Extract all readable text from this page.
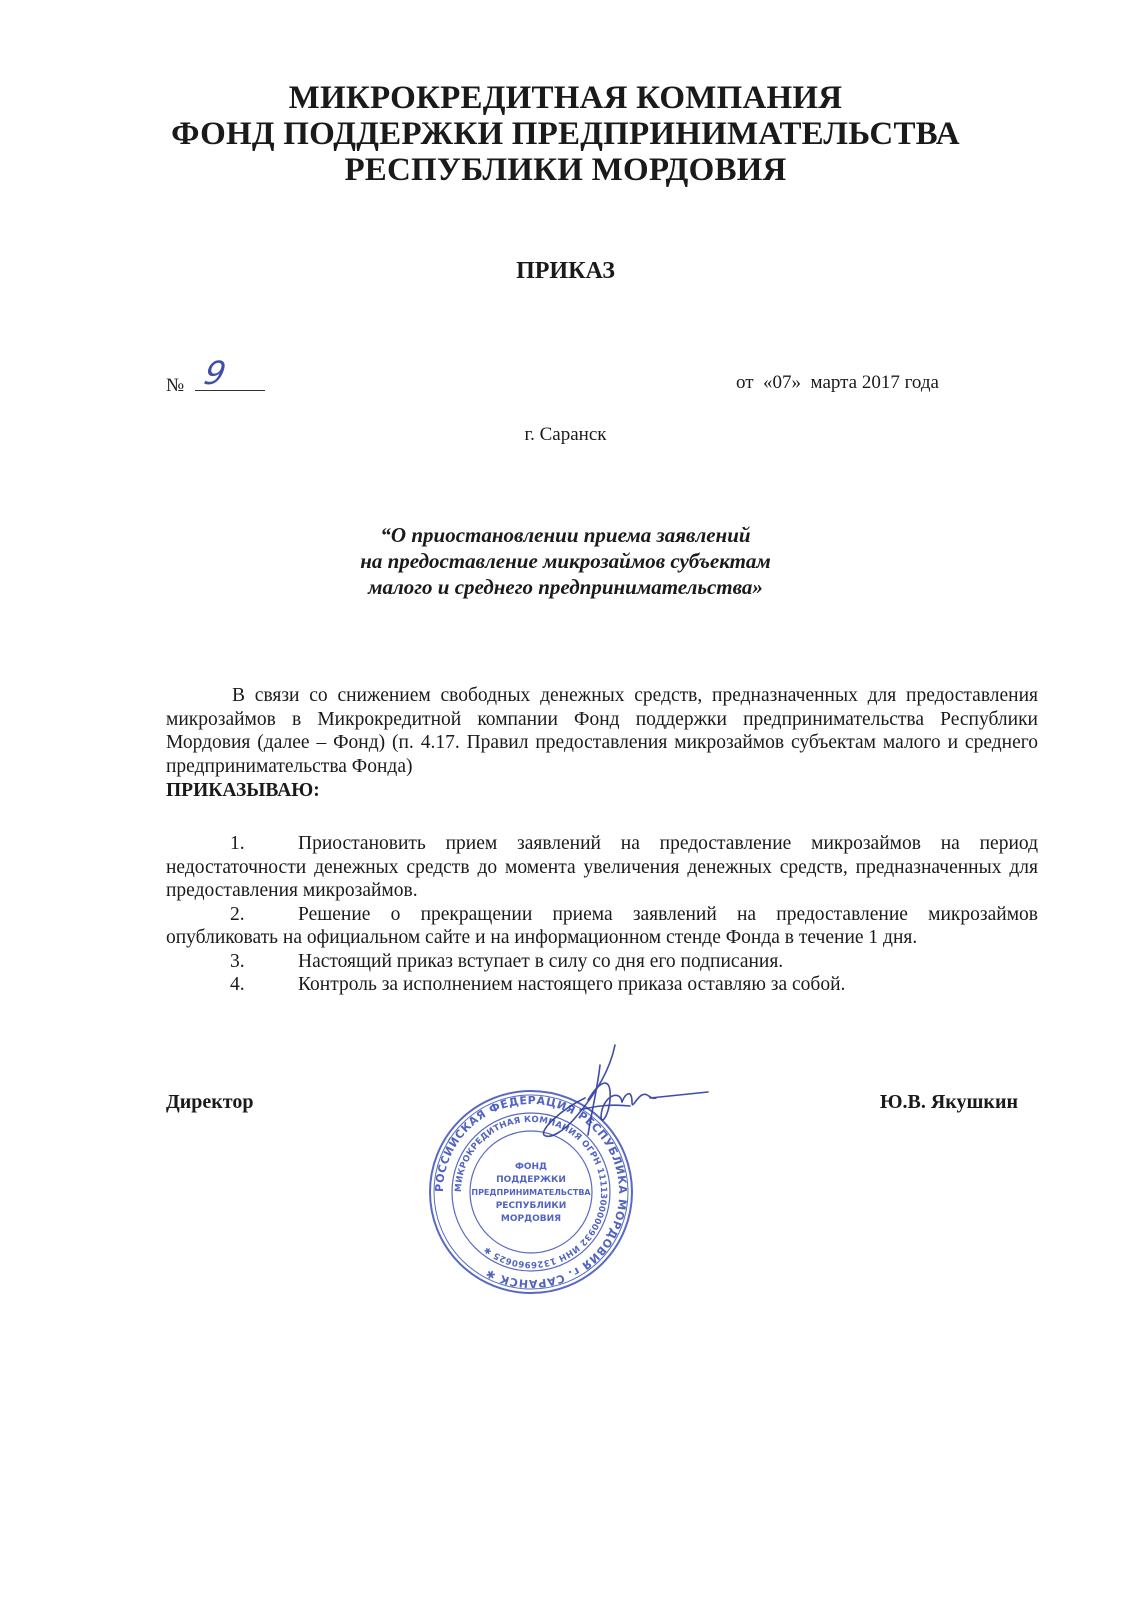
МИКРОКРЕДИТНАЯ КОМПАНИЯ
ФОНД ПОДДЕРЖКИ ПРЕДПРИНИМАТЕЛЬСТВА
РЕСПУБЛИКИ МОРДОВИЯ
ПРИКАЗ
№ 9	от  «07»  марта 2017 года
г. Саранск
“О приостановлении приема заявлений
на предоставление микрозаймов субъектам
малого и среднего предпринимательства»
В связи со снижением свободных денежных средств, предназначенных для предоставления микрозаймов в Микрокредитной компании Фонд поддержки предпринимательства Республики Мордовия (далее – Фонд) (п. 4.17. Правил предоставления микрозаймов субъектам малого и среднего предпринимательства Фонда)
ПРИКАЗЫВАЮ:
1.	Приостановить прием заявлений на предоставление микрозаймов на период недостаточности денежных средств до момента увеличения денежных средств, предназначенных для предоставления микрозаймов.
2.	Решение о прекращении приема заявлений на предоставление микрозаймов опубликовать на официальном сайте и на информационном стенде Фонда в течение 1 дня.
3.	Настоящий приказ вступает в силу со дня его подписания.
4.	Контроль за исполнением настоящего приказа оставляю за собой.
Директор	Ю.В. Якушкин
РОССИЙСКАЯ ФЕДЕРАЦИЯ РЕСПУБЛИКА МОРДОВИЯ г. САРАНСК ✱
МИКРОКРЕДИТНАЯ КОМПАНИЯ ОГРН 1111300000932 ИНН 1326960625 ✱
ФОНД
ПОДДЕРЖКИ
ПРЕДПРИНИМАТЕЛЬСТВА
РЕСПУБЛИКИ
МОРДОВИЯ
